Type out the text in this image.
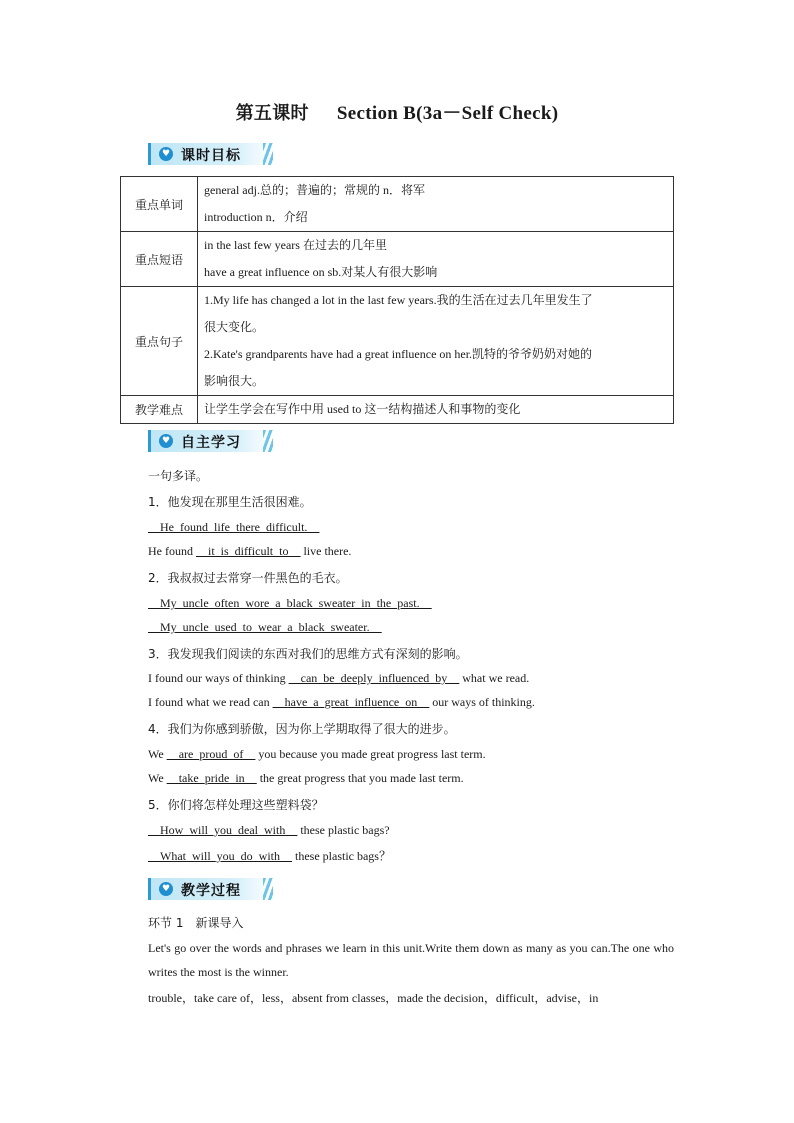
第五课时 Section B(3a－Self Check)
♥ 课时目标
重点单词	general adj.总的；普遍的；常规的 n．将军
introduction n．介绍

重点短语	in the last few years 在过去的几年里
have a great influence on sb.对某人有很大影响

重点句子	1.My life has changed a lot in the last few years.我的生活在过去几年里发生了
很大变化。
2.Kate's grandparents have had a great influence on her.凯特的爷爷奶奶对她的
影响很大。

教学难点	让学生学会在写作中用 used to 这一结构描述人和事物的变化
♥ 自主学习
一句多译。
1．他发现在那里生活很困难。
__He_found_life_there_difficult.__
He found __it_is_difficult_to__ live there.
2．我叔叔过去常穿一件黑色的毛衣。
__My_uncle_often_wore_a_black_sweater_in_the_past.__
__My_uncle_used_to_wear_a_black_sweater.__
3．我发现我们阅读的东西对我们的思维方式有深刻的影响。
I found our ways of thinking __can_be_deeply_influenced_by__ what we read.
I found what we read can __have_a_great_influence_on__ our ways of thinking.
4．我们为你感到骄傲，因为你上学期取得了很大的进步。
We __are_proud_of__ you because you made great progress last term.
We __take_pride_in__ the great progress that you made last term.
5．你们将怎样处理这些塑料袋？
__How_will_you_deal_with__ these plastic bags?
__What_will_you_do_with__ these plastic bags？
♥ 教学过程
环节 1　新课导入
Let's go over the words and phrases we learn in this unit.Write them down as many as you can.The one who writes the most is the winner.
trouble，take care of，less，absent from classes，made the decision，difficult，advise，in
